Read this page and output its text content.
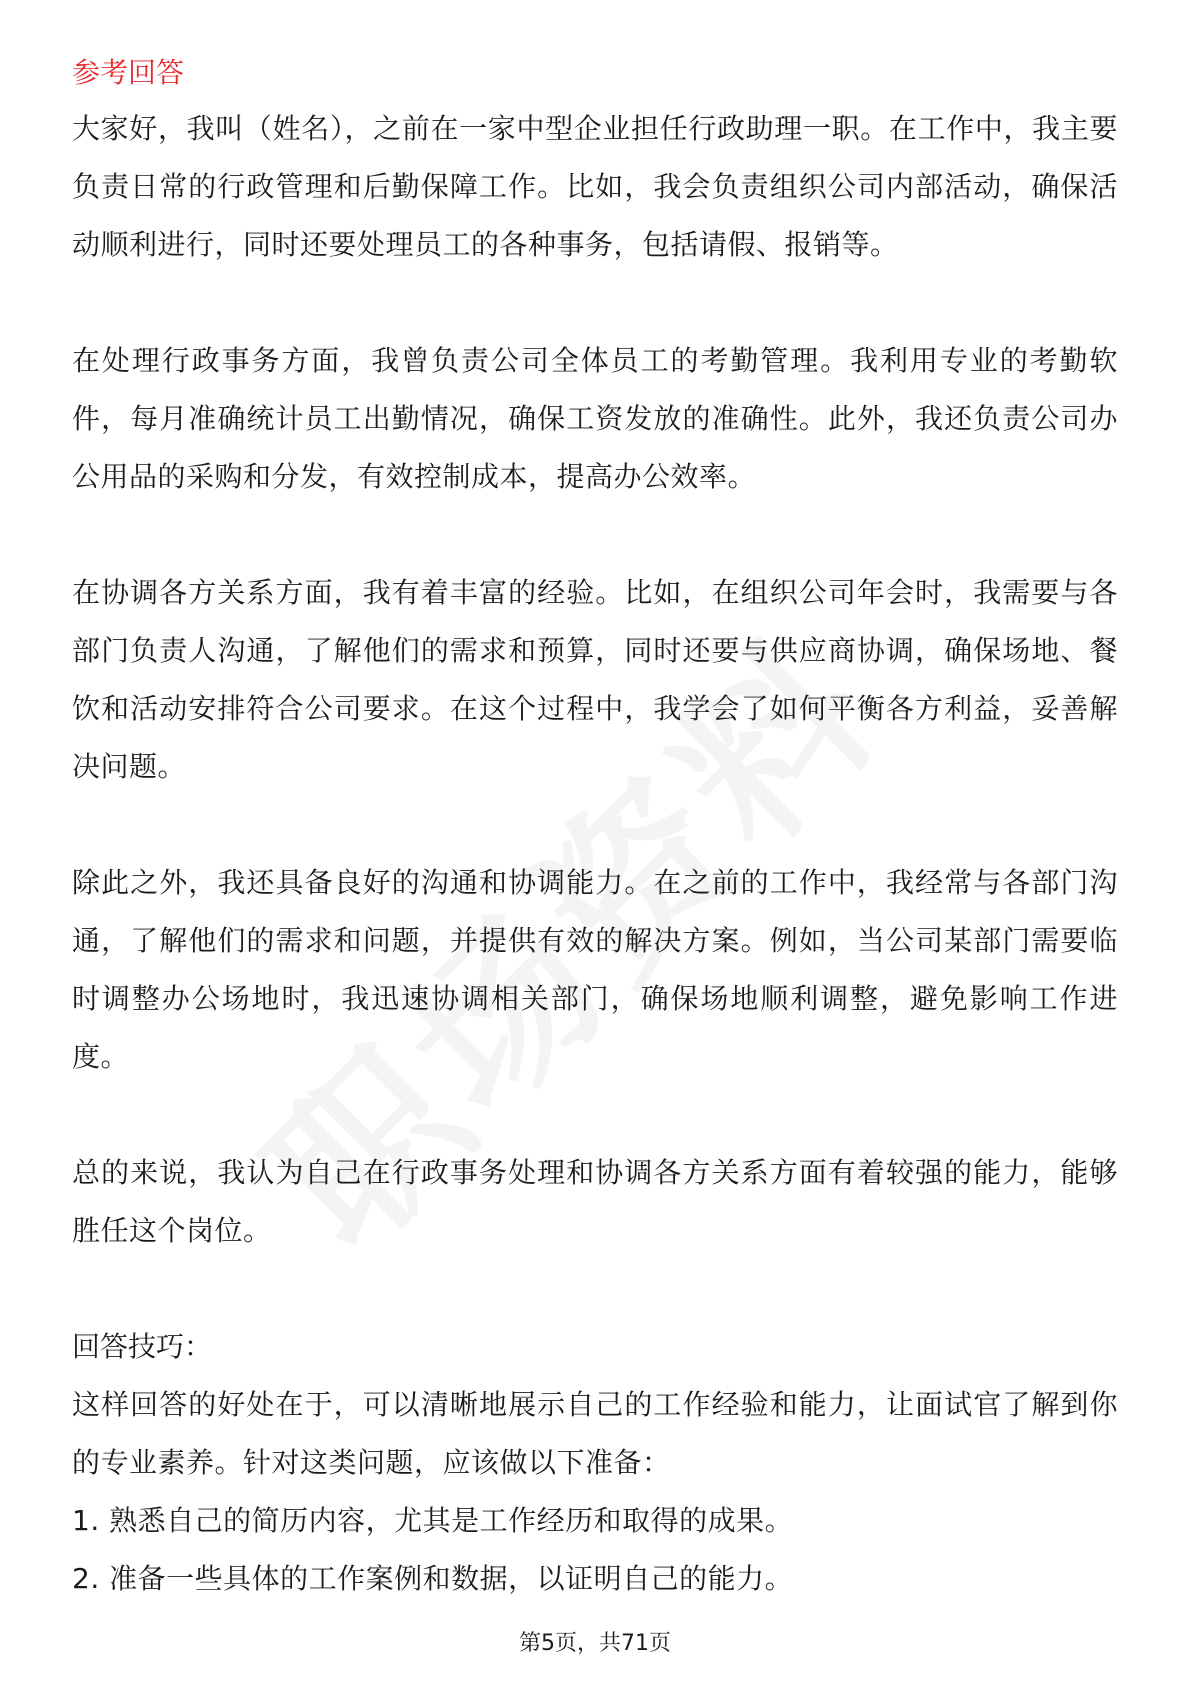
参考回答

大家好，我叫（姓名），之前在一家中型企业担任行政助理一职。在工作中，我主要负责日常的行政管理和后勤保障工作。比如，我会负责组织公司内部活动，确保活动顺利进行，同时还要处理员工的各种事务，包括请假、报销等。

在处理行政事务方面，我曾负责公司全体员工的考勤管理。我利用专业的考勤软件，每月准确统计员工出勤情况，确保工资发放的准确性。此外，我还负责公司办公用品的采购和分发，有效控制成本，提高办公效率。

在协调各方关系方面，我有着丰富的经验。比如，在组织公司年会时，我需要与各部门负责人沟通，了解他们的需求和预算，同时还要与供应商协调，确保场地、餐饮和活动安排符合公司要求。在这个过程中，我学会了如何平衡各方利益，妥善解决问题。

除此之外，我还具备良好的沟通和协调能力。在之前的工作中，我经常与各部门沟通，了解他们的需求和问题，并提供有效的解决方案。例如，当公司某部门需要临时调整办公场地时，我迅速协调相关部门，确保场地顺利调整，避免影响工作进度。

总的来说，我认为自己在行政事务处理和协调各方关系方面有着较强的能力，能够胜任这个岗位。

回答技巧：
这样回答的好处在于，可以清晰地展示自己的工作经验和能力，让面试官了解到你的专业素养。针对这类问题，应该做以下准备：
1. 熟悉自己的简历内容，尤其是工作经历和取得的成果。
2. 准备一些具体的工作案例和数据，以证明自己的能力。
第5页，共71页
